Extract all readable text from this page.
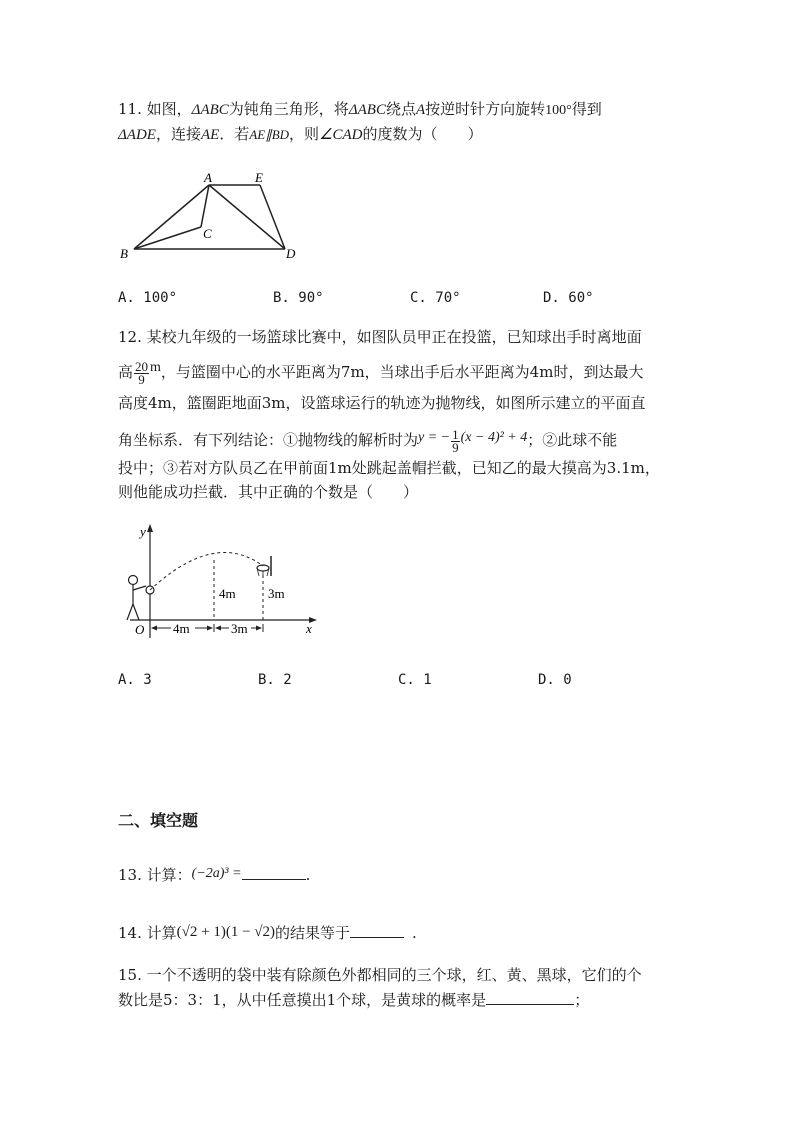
11. 如图，ΔABC为钝角三角形，将ΔABC绕点A按逆时针方向旋转100°得到
ΔADE，连接AE．若AE∥BD，则∠CAD的度数为（　　）
A	E
C
B	D
A. 100°	B. 90°	C. 70°	D. 60°
12. 某校九年级的一场篮球比赛中，如图队员甲正在投篮，已知球出手时离地面
高 $\frac{20}{9}$ m，与篮圈中心的水平距离为7m，当球出手后水平距离为4m时，到达最大
高度4m，篮圈距地面3m，设篮球运行的轨迹为抛物线，如图所示建立的平面直
角坐标系．有下列结论：①抛物线的解析时为y = − $\frac{1}{9} (x - 4)^2 + 4$；②此球不能
投中；③若对方队员乙在甲前面1m处跳起盖帽拦截，已知乙的最大摸高为3.1m，
则他能成功拦截．其中正确的个数是（　　）
y
x
O
4m 3m
4m	3m
A. 3	B. 2	C. 1	D. 0
二、填空题
13. 计算：(−2a)³ =	.
14. 计算(√2 + 1)(1 − √2)的结果等于	.
15. 一个不透明的袋中装有除颜色外都相同的三个球，红、黄、黑球，它们的个
数比是5：3：1，从中任意摸出1个球，是黄球的概率是	；
